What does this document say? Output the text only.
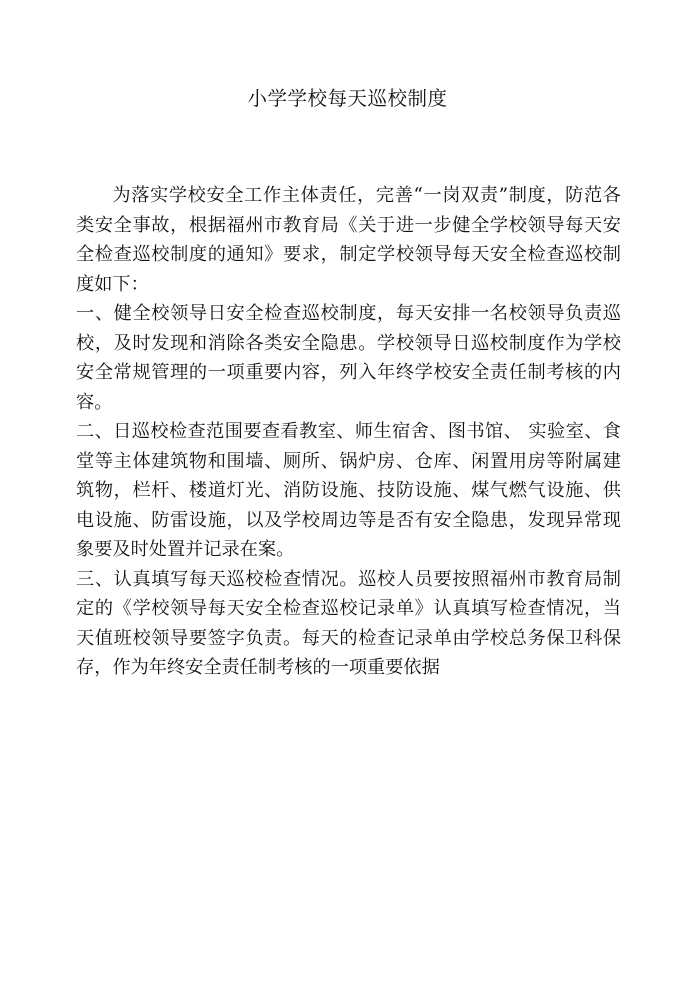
小学学校每天巡校制度

为落实学校安全工作主体责任，完善“一岗双责”制度，防范各类安全事故，根据福州市教育局《关于进一步健全学校领导每天安全检查巡校制度的通知》要求，制定学校领导每天安全检查巡校制度如下：

一、健全校领导日安全检查巡校制度，每天安排一名校领导负责巡校，及时发现和消除各类安全隐患。学校领导日巡校制度作为学校安全常规管理的一项重要内容，列入年终学校安全责任制考核的内容。

二、日巡校检查范围要查看教室、师生宿舍、图书馆、 实验室、食堂等主体建筑物和围墙、厕所、锅炉房、仓库、闲置用房等附属建筑物，栏杆、楼道灯光、消防设施、技防设施、煤气燃气设施、供电设施、防雷设施，以及学校周边等是否有安全隐患，发现异常现象要及时处置并记录在案。

三、认真填写每天巡校检查情况。巡校人员要按照福州市教育局制定的《学校领导每天安全检查巡校记录单》认真填写检查情况，当天值班校领导要签字负责。每天的检查记录单由学校总务保卫科保存，作为年终安全责任制考核的一项重要依据
